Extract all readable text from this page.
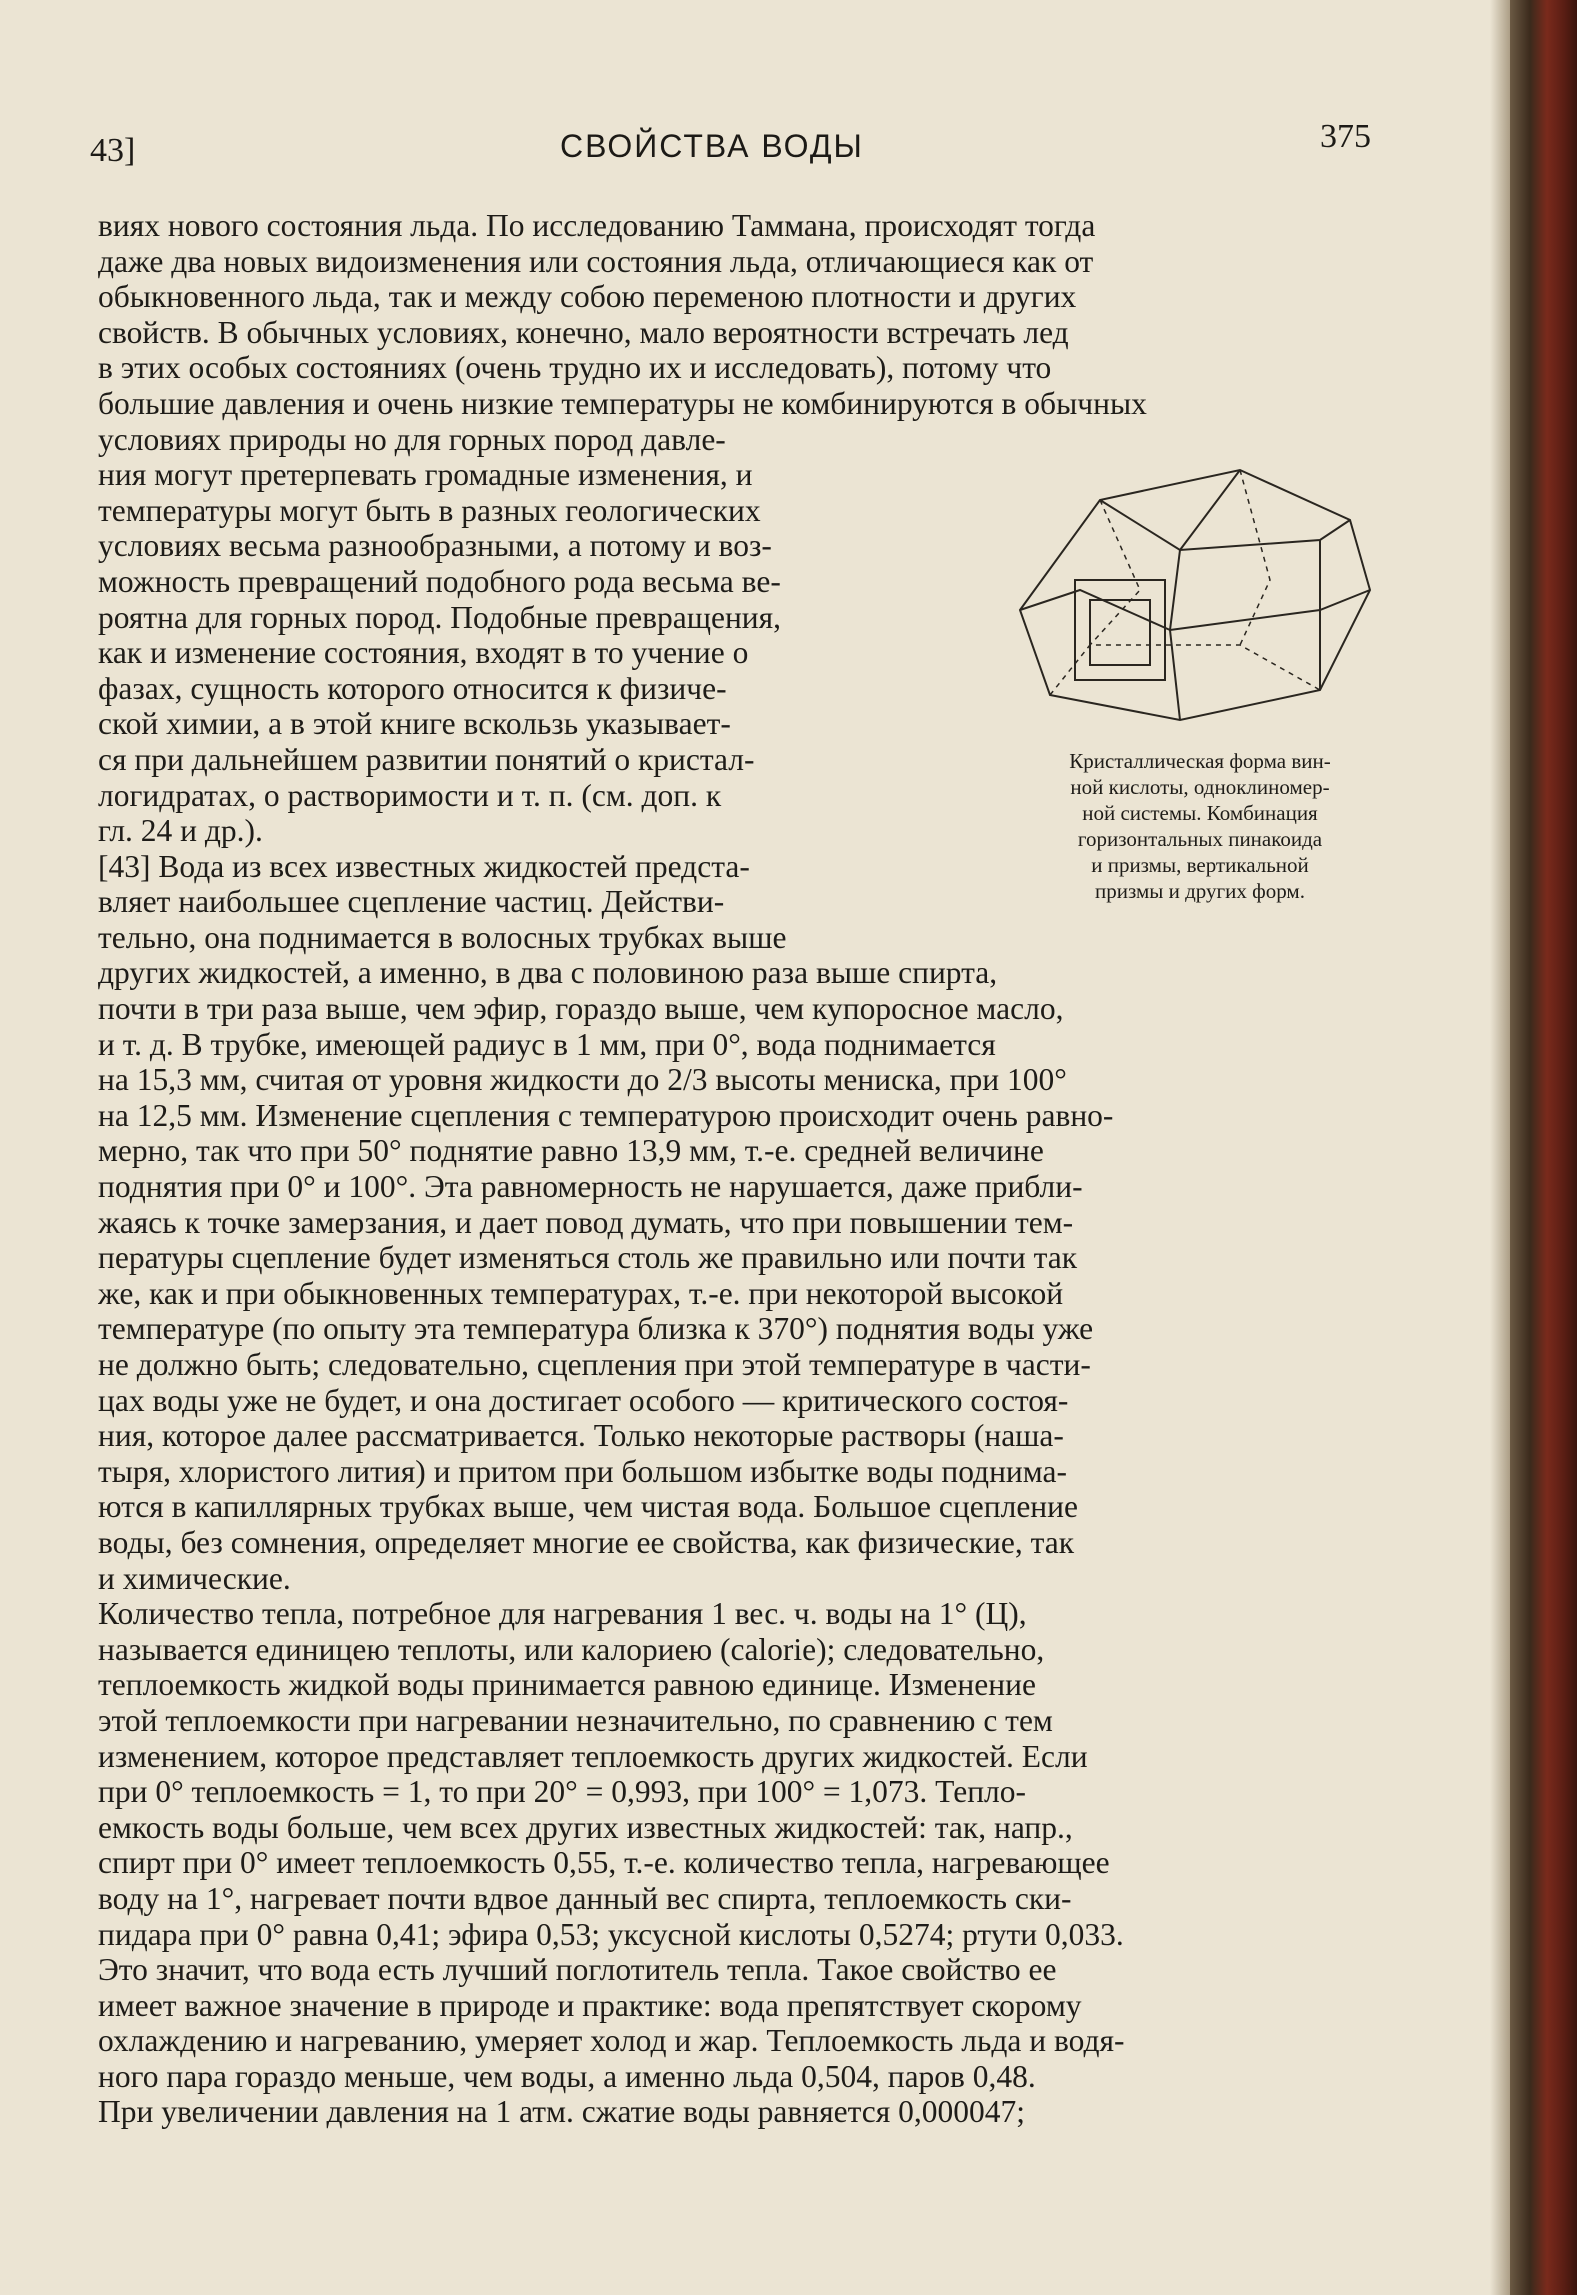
43]	СВОЙСТВА ВОДЫ	375
виях нового состояния льда. По исследованию Таммана, происходят тогда
даже два новых видоизменения или состояния льда, отличающиеся как от
обыкновенного льда, так и между собою переменою плотности и других
свойств. В обычных условиях, конечно, мало вероятности встречать лед
в этих особых состояниях (очень трудно их и исследовать), потому что
большие давления и очень низкие температуры не комбинируются в обычных
условиях природы но для горных пород давле-
ния могут претерпевать громадные изменения, и
температуры могут быть в разных геологических
условиях весьма разнообразными, а потому и воз-
можность превращений подобного рода весьма ве-
роятна для горных пород. Подобные превращения,
как и изменение состояния, входят в то учение о
фазах, сущность которого относится к физиче-
ской химии, а в этой книге вскользь указывает-
ся при дальнейшем развитии понятий о кристал-
логидратах, о растворимости и т. п. (см. доп. к
гл. 24 и др.).
[43] Вода из всех известных жидкостей предста-
вляет наибольшее сцепление частиц. Действи-
тельно, она поднимается в волосных трубках выше
других жидкостей, а именно, в два с половиною раза выше спирта,
почти в три раза выше, чем эфир, гораздо выше, чем купоросное масло,
и т. д. В трубке, имеющей радиус в 1 мм, при 0°, вода поднимается
на 15,3 мм, считая от уровня жидкости до 2/3 высоты мениска, при 100°
на 12,5 мм. Изменение сцепления с температурою происходит очень равно-
мерно, так что при 50° поднятие равно 13,9 мм, т.-е. средней величине
поднятия при 0° и 100°. Эта равномерность не нарушается, даже прибли-
жаясь к точке замерзания, и дает повод думать, что при повышении тем-
пературы сцепление будет изменяться столь же правильно или почти так
же, как и при обыкновенных температурах, т.-е. при некоторой высокой
температуре (по опыту эта температура близка к 370°) поднятия воды уже
не должно быть; следовательно, сцепления при этой температуре в части-
цах воды уже не будет, и она достигает особого — критического состоя-
ния, которое далее рассматривается. Только некоторые растворы (наша-
тыря, хлористого лития) и притом при большом избытке воды поднима-
ются в капиллярных трубках выше, чем чистая вода. Большое сцепление
воды, без сомнения, определяет многие ее свойства, как физические, так
и химические.
Количество тепла, потребное для нагревания 1 вес. ч. воды на 1° (Ц),
называется единицею теплоты, или калориею (calorie); следовательно,
теплоемкость жидкой воды принимается равною единице. Изменение
этой теплоемкости при нагревании незначительно, по сравнению с тем
изменением, которое представляет теплоемкость других жидкостей. Если
при 0° теплоемкость = 1, то при 20° = 0,993, при 100° = 1,073. Тепло-
емкость воды больше, чем всех других известных жидкостей: так, напр.,
спирт при 0° имеет теплоемкость 0,55, т.-е. количество тепла, нагревающее
воду на 1°, нагревает почти вдвое данный вес спирта, теплоемкость ски-
пидара при 0° равна 0,41; эфира 0,53; уксусной кислоты 0,5274; ртути 0,033.
Это значит, что вода есть лучший поглотитель тепла. Такое свойство ее
имеет важное значение в природе и практике: вода препятствует скорому
охлаждению и нагреванию, умеряет холод и жар. Теплоемкость льда и водя-
ного пара гораздо меньше, чем воды, а именно льда 0,504, паров 0,48.
При увеличении давления на 1 атм. сжатие воды равняется 0,000047;
Кристаллическая форма вин-
ной кислоты, одноклиномер-
ной системы. Комбинация
горизонтальных пинакоида
и призмы, вертикальной
призмы и других форм.
